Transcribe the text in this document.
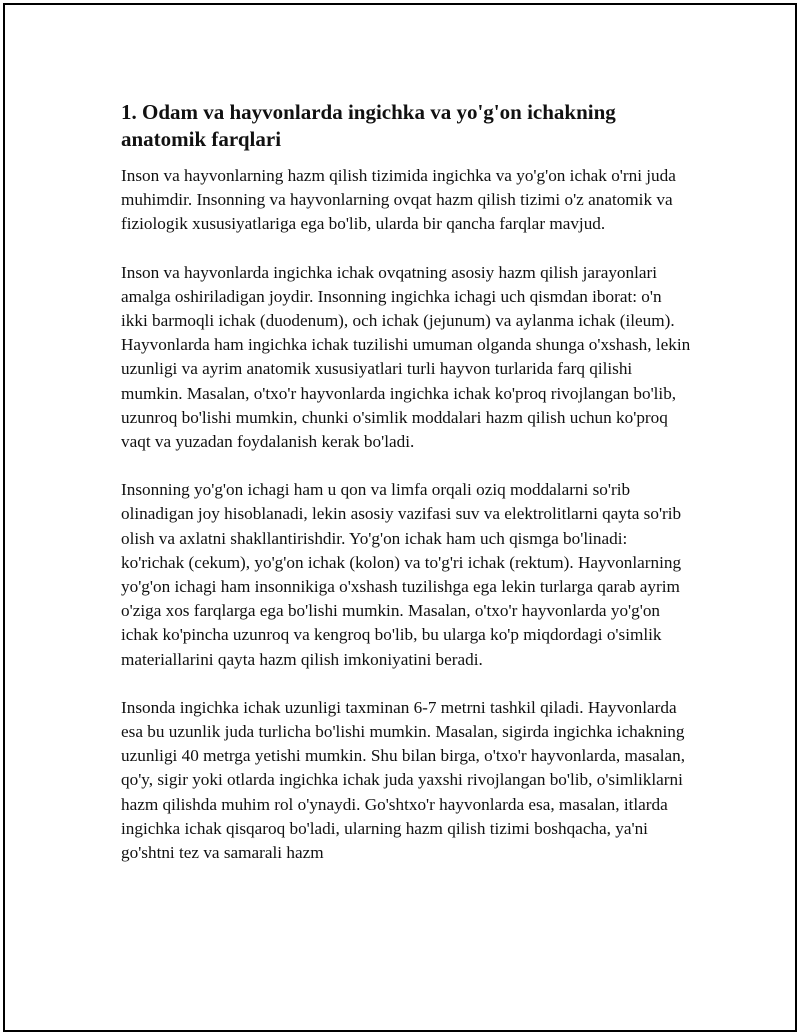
1. Odam va hayvonlarda ingichka va yo'g'on ichakning anatomik farqlari

Inson va hayvonlarning hazm qilish tizimida ingichka va yo'g'on ichak o'rni juda muhimdir. Insonning va hayvonlarning ovqat hazm qilish tizimi o'z anatomik va fiziologik xususiyatlariga ega bo'lib, ularda bir qancha farqlar mavjud.

Inson va hayvonlarda ingichka ichak ovqatning asosiy hazm qilish jarayonlari amalga oshiriladigan joydir. Insonning ingichka ichagi uch qismdan iborat: o'n ikki barmoqli ichak (duodenum), och ichak (jejunum) va aylanma ichak (ileum). Hayvonlarda ham ingichka ichak tuzilishi umuman olganda shunga o'xshash, lekin uzunligi va ayrim anatomik xususiyatlari turli hayvon turlarida farq qilishi mumkin. Masalan, o'txo'r hayvonlarda ingichka ichak ko'proq rivojlangan bo'lib, uzunroq bo'lishi mumkin, chunki o'simlik moddalari hazm qilish uchun ko'proq vaqt va yuzadan foydalanish kerak bo'ladi.

Insonning yo'g'on ichagi ham u qon va limfa orqali oziq moddalarni so'rib olinadigan joy hisoblanadi, lekin asosiy vazifasi suv va elektrolitlarni qayta so'rib olish va axlatni shakllantirishdir. Yo'g'on ichak ham uch qismga bo'linadi: ko'richak (cekum), yo'g'on ichak (kolon) va to'g'ri ichak (rektum). Hayvonlarning yo'g'on ichagi ham insonnikiga o'xshash tuzilishga ega lekin turlarga qarab ayrim o'ziga xos farqlarga ega bo'lishi mumkin. Masalan, o'txo'r hayvonlarda yo'g'on ichak ko'pincha uzunroq va kengroq bo'lib, bu ularga ko'p miqdordagi o'simlik materiallarini qayta hazm qilish imkoniyatini beradi.

Insonda ingichka ichak uzunligi taxminan 6-7 metrni tashkil qiladi. Hayvonlarda esa bu uzunlik juda turlicha bo'lishi mumkin. Masalan, sigirda ingichka ichakning uzunligi 40 metrga yetishi mumkin. Shu bilan birga, o'txo'r hayvonlarda, masalan, qo'y, sigir yoki otlarda ingichka ichak juda yaxshi rivojlangan bo'lib, o'simliklarni hazm qilishda muhim rol o'ynaydi. Go'shtxo'r hayvonlarda esa, masalan, itlarda ingichka ichak qisqaroq bo'ladi, ularning hazm qilish tizimi boshqacha, ya'ni go'shtni tez va samarali hazm
